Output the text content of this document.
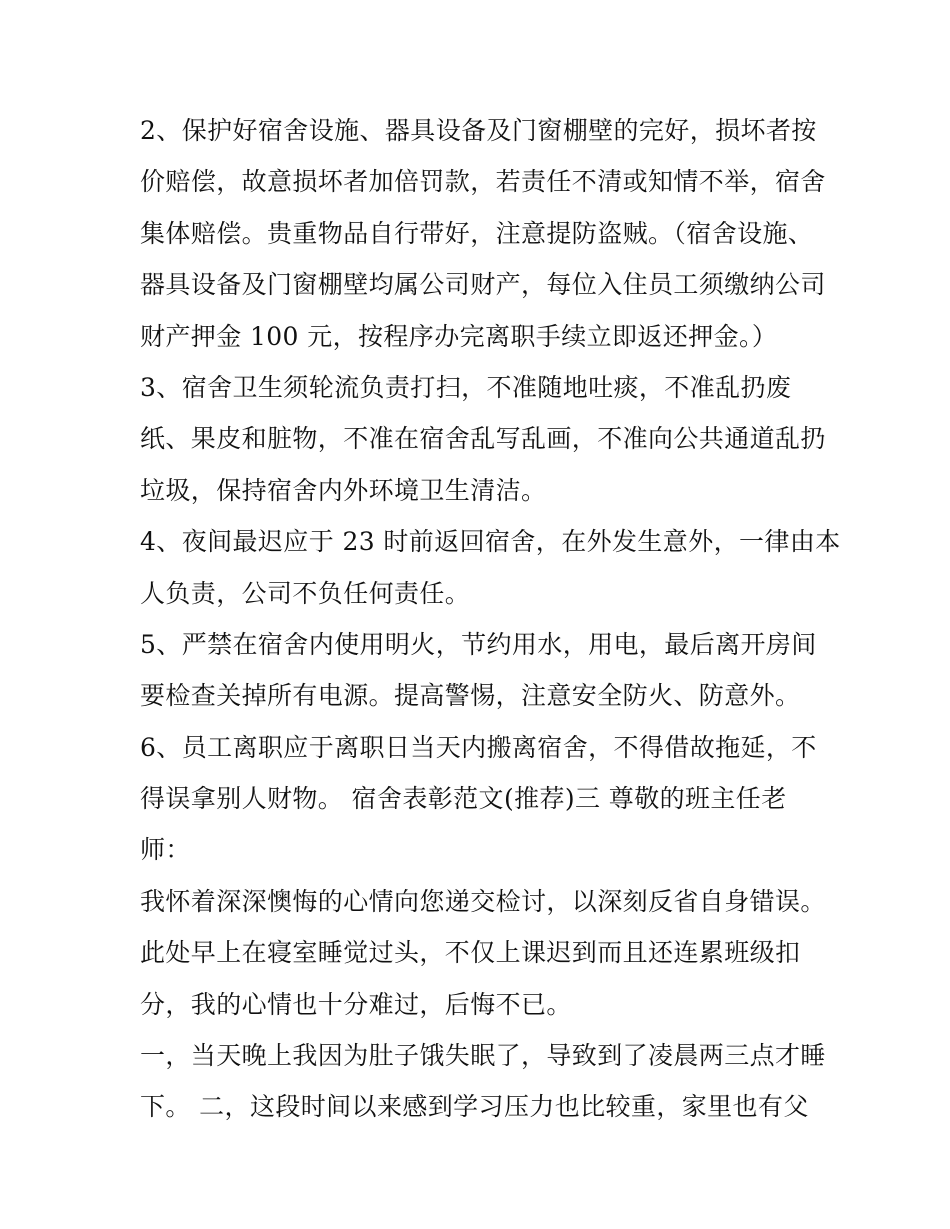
2、保护好宿舍设施、器具设备及门窗棚壁的完好，损坏者按
价赔偿，故意损坏者加倍罚款，若责任不清或知情不举，宿舍
集体赔偿。贵重物品自行带好，注意提防盗贼。（宿舍设施、
器具设备及门窗棚壁均属公司财产，每位入住员工须缴纳公司
财产押金 100 元，按程序办完离职手续立即返还押金。）
3、宿舍卫生须轮流负责打扫，不准随地吐痰，不准乱扔废
纸、果皮和脏物，不准在宿舍乱写乱画，不准向公共通道乱扔
垃圾，保持宿舍内外环境卫生清洁。
4、夜间最迟应于 23 时前返回宿舍，在外发生意外，一律由本
人负责，公司不负任何责任。
5、严禁在宿舍内使用明火，节约用水，用电，最后离开房间
要检查关掉所有电源。提高警惕，注意安全防火、防意外。
6、员工离职应于离职日当天内搬离宿舍，不得借故拖延，不
得误拿别人财物。 宿舍表彰范文(推荐)三 尊敬的班主任老
师：
我怀着深深懊悔的心情向您递交检讨，以深刻反省自身错误。
此处早上在寝室睡觉过头，不仅上课迟到而且还连累班级扣
分，我的心情也十分难过，后悔不已。
一，当天晚上我因为肚子饿失眠了，导致到了凌晨两三点才睡
下。 二，这段时间以来感到学习压力也比较重，家里也有父
